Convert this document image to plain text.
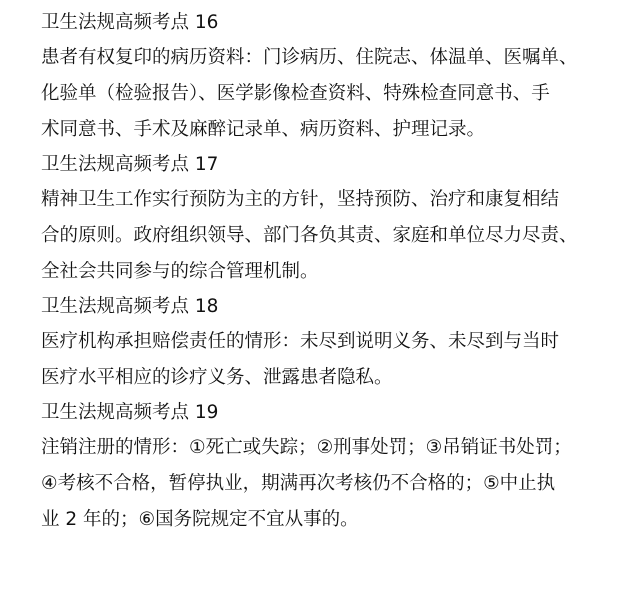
卫生法规高频考点 16

患者有权复印的病历资料：门诊病历、住院志、体温单、医嘱单、
化验单（检验报告）、医学影像检查资料、特殊检查同意书、手
术同意书、手术及麻醉记录单、病历资料、护理记录。

卫生法规高频考点 17

精神卫生工作实行预防为主的方针，坚持预防、治疗和康复相结
合的原则。政府组织领导、部门各负其责、家庭和单位尽力尽责、
全社会共同参与的综合管理机制。

卫生法规高频考点 18

医疗机构承担赔偿责任的情形：未尽到说明义务、未尽到与当时
医疗水平相应的诊疗义务、泄露患者隐私。

卫生法规高频考点 19

注销注册的情形：①死亡或失踪；②刑事处罚；③吊销证书处罚；
④考核不合格，暂停执业，期满再次考核仍不合格的；⑤中止执
业 2 年的；⑥国务院规定不宜从事的。
